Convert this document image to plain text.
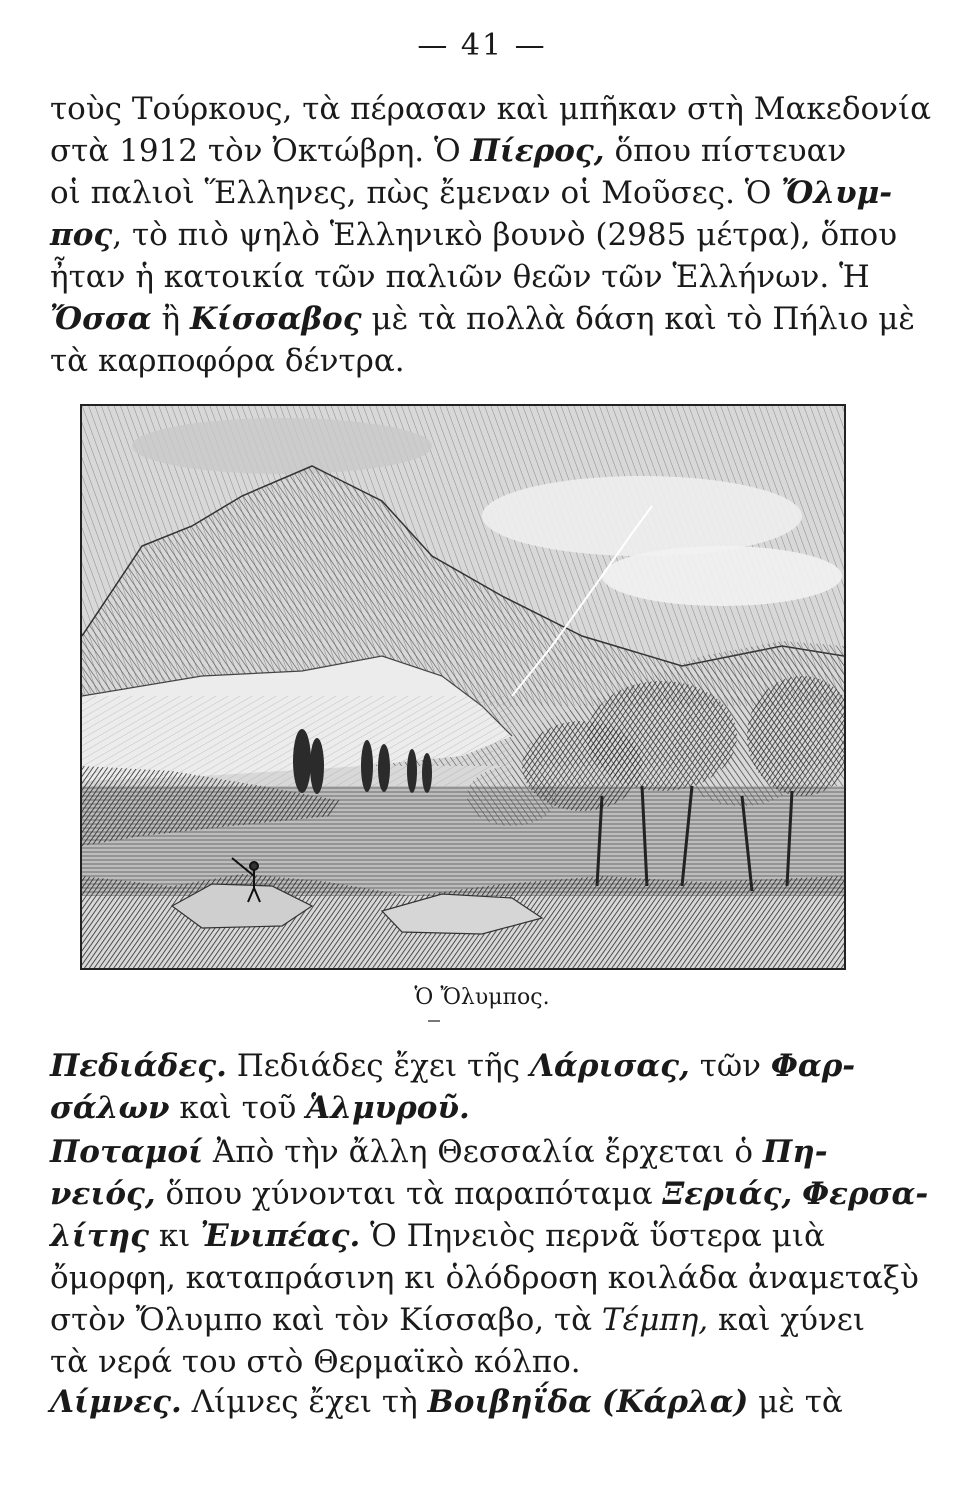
— 41 —
τοὺς Τούρκους, τὰ πέρασαν καὶ μπῆκαν στὴ Μακεδονία
στὰ 1912 τὸν Ὀκτώβρη. Ὁ Πίερος, ὅπου πίστευαν
οἱ παλιοὶ Ἕλληνες, πὼς ἔμεναν οἱ Μοῦσες. Ὁ Ὄλυμ-
πος, τὸ πιὸ ψηλὸ Ἑλληνικὸ βουνὸ (2985 μέτρα), ὅπου
ἦταν ἡ κατοικία τῶν παλιῶν θεῶν τῶν Ἑλλήνων. Ἡ
Ὄσσα ἢ Κίσσαβος μὲ τὰ πολλὰ δάση καὶ τὸ Πήλιο μὲ
τὰ καρποφόρα δέντρα.
Ὁ Ὄλυμπος.
Πεδιάδες. Πεδιάδες ἔχει τῆς Λάρισας, τῶν Φαρ-
σάλων καὶ τοῦ Ἁλμυροῦ.
Ποταμοί Ἀπὸ τὴν ἄλλη Θεσσαλία ἔρχεται ὁ Πη-
νειός, ὅπου χύνονται τὰ παραπόταμα Ξεριάς, Φερσα-
λίτης κι Ἐνιπέας. Ὁ Πηνειὸς περνᾶ ὕστερα μιὰ
ὄμορφη, καταπράσινη κι ὁλόδροση κοιλάδα ἀναμεταξὺ
στὸν Ὄλυμπο καὶ τὸν Κίσσαβο, τὰ Τέμπη, καὶ χύνει
τὰ νερά του στὸ Θερμαϊκὸ κόλπο.
Λίμνες. Λίμνες ἔχει τὴ Βοιβηΐδα (Κάρλα) μὲ τὰ
